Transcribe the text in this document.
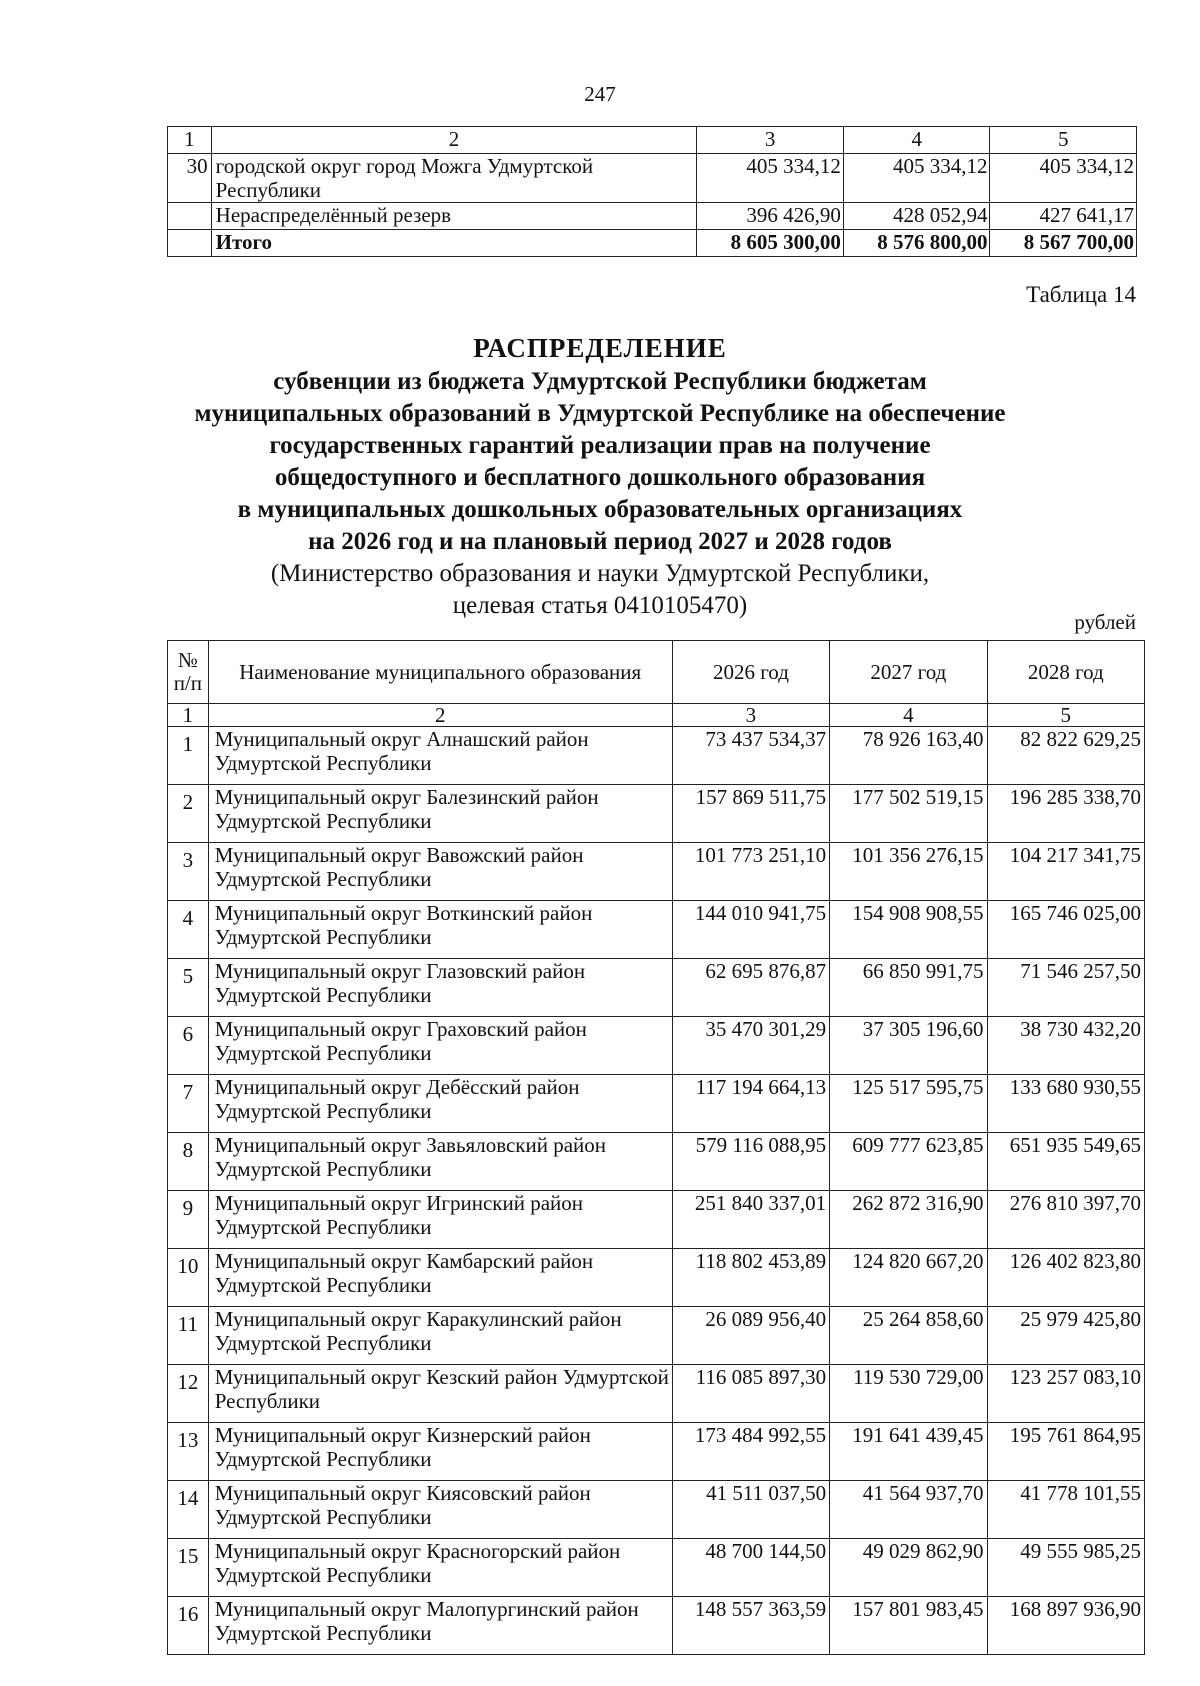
247
1	2	3	4	5
30	городской округ город Можга Удмуртской Республики	405 334,12	405 334,12	405 334,12
	Нераспределённый резерв	396 426,90	428 052,94	427 641,17
	Итого	8 605 300,00	8 576 800,00	8 567 700,00
Таблица 14
РАСПРЕДЕЛЕНИЕ
субвенции из бюджета Удмуртской Республики бюджетам
муниципальных образований в Удмуртской Республике на обеспечение
государственных гарантий реализации прав на получение
общедоступного и бесплатного дошкольного образования
в муниципальных дошкольных образовательных организациях
на 2026 год и на плановый период 2027 и 2028 годов
(Министерство образования и науки Удмуртской Республики,
целевая статья 0410105470)
рублей
№ п/п	Наименование муниципального образования	2026 год	2027 год	2028 год
1	2	3	4	5
1	Муниципальный округ Алнашский район Удмуртской Республики	73 437 534,37	78 926 163,40	82 822 629,25
2	Муниципальный округ Балезинский район Удмуртской Республики	157 869 511,75	177 502 519,15	196 285 338,70
3	Муниципальный округ Вавожский район Удмуртской Республики	101 773 251,10	101 356 276,15	104 217 341,75
4	Муниципальный округ Воткинский район Удмуртской Республики	144 010 941,75	154 908 908,55	165 746 025,00
5	Муниципальный округ Глазовский район Удмуртской Республики	62 695 876,87	66 850 991,75	71 546 257,50
6	Муниципальный округ Граховский район Удмуртской Республики	35 470 301,29	37 305 196,60	38 730 432,20
7	Муниципальный округ Дебёсский район Удмуртской Республики	117 194 664,13	125 517 595,75	133 680 930,55
8	Муниципальный округ Завьяловский район Удмуртской Республики	579 116 088,95	609 777 623,85	651 935 549,65
9	Муниципальный округ Игринский район Удмуртской Республики	251 840 337,01	262 872 316,90	276 810 397,70
10	Муниципальный округ Камбарский район Удмуртской Республики	118 802 453,89	124 820 667,20	126 402 823,80
11	Муниципальный округ Каракулинский район Удмуртской Республики	26 089 956,40	25 264 858,60	25 979 425,80
12	Муниципальный округ Кезский район Удмуртской Республики	116 085 897,30	119 530 729,00	123 257 083,10
13	Муниципальный округ Кизнерский район Удмуртской Республики	173 484 992,55	191 641 439,45	195 761 864,95
14	Муниципальный округ Киясовский район Удмуртской Республики	41 511 037,50	41 564 937,70	41 778 101,55
15	Муниципальный округ Красногорский район Удмуртской Республики	48 700 144,50	49 029 862,90	49 555 985,25
16	Муниципальный округ Малопургинский район Удмуртской Республики	148 557 363,59	157 801 983,45	168 897 936,90
